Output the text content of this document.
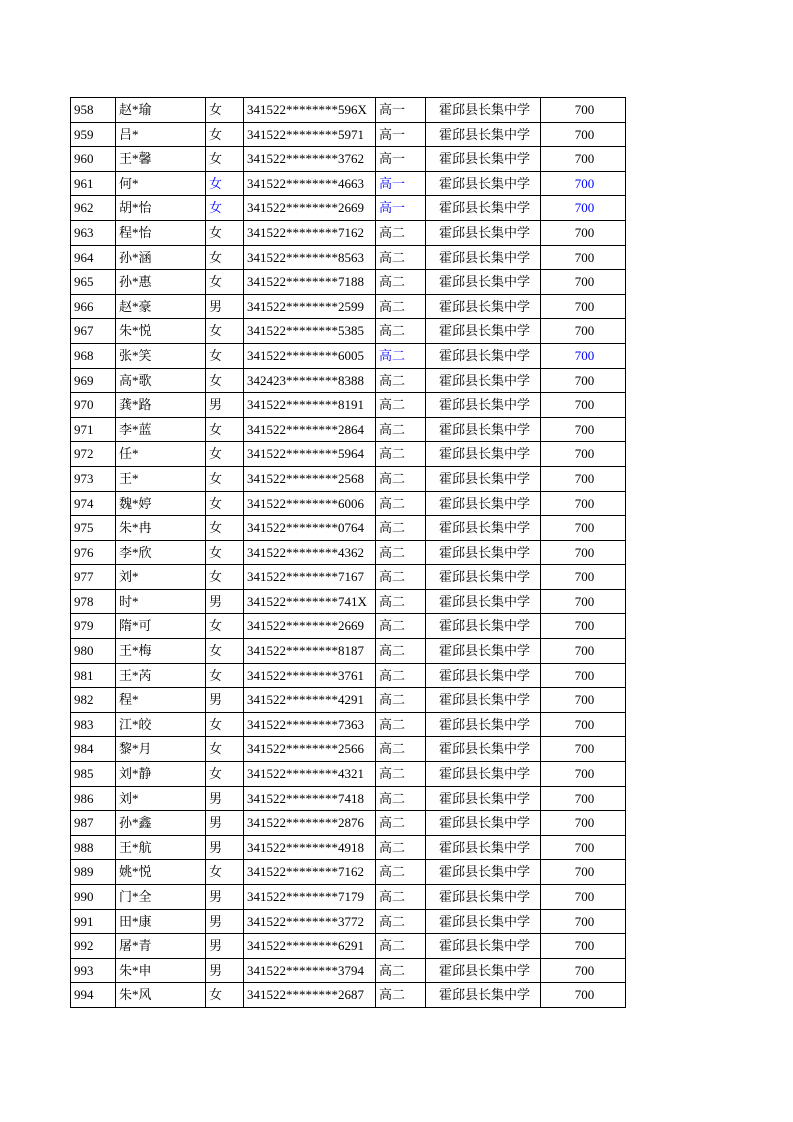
958	赵*瑜	女	341522********596X	高一	霍邱县长集中学	700
959	吕*	女	341522********5971	高一	霍邱县长集中学	700
960	王*馨	女	341522********3762	高一	霍邱县长集中学	700
961	何*	女	341522********4663	高一	霍邱县长集中学	700
962	胡*怡	女	341522********2669	高一	霍邱县长集中学	700
963	程*怡	女	341522********7162	高二	霍邱县长集中学	700
964	孙*涵	女	341522********8563	高二	霍邱县长集中学	700
965	孙*惠	女	341522********7188	高二	霍邱县长集中学	700
966	赵*豪	男	341522********2599	高二	霍邱县长集中学	700
967	朱*悦	女	341522********5385	高二	霍邱县长集中学	700
968	张*笑	女	341522********6005	高二	霍邱县长集中学	700
969	高*歌	女	342423********8388	高二	霍邱县长集中学	700
970	龚*路	男	341522********8191	高二	霍邱县长集中学	700
971	李*蓝	女	341522********2864	高二	霍邱县长集中学	700
972	任*	女	341522********5964	高二	霍邱县长集中学	700
973	王*	女	341522********2568	高二	霍邱县长集中学	700
974	魏*婷	女	341522********6006	高二	霍邱县长集中学	700
975	朱*冉	女	341522********0764	高二	霍邱县长集中学	700
976	李*欣	女	341522********4362	高二	霍邱县长集中学	700
977	刘*	女	341522********7167	高二	霍邱县长集中学	700
978	时*	男	341522********741X	高二	霍邱县长集中学	700
979	隋*可	女	341522********2669	高二	霍邱县长集中学	700
980	王*梅	女	341522********8187	高二	霍邱县长集中学	700
981	王*芮	女	341522********3761	高二	霍邱县长集中学	700
982	程*	男	341522********4291	高二	霍邱县长集中学	700
983	江*皎	女	341522********7363	高二	霍邱县长集中学	700
984	黎*月	女	341522********2566	高二	霍邱县长集中学	700
985	刘*静	女	341522********4321	高二	霍邱县长集中学	700
986	刘*	男	341522********7418	高二	霍邱县长集中学	700
987	孙*鑫	男	341522********2876	高二	霍邱县长集中学	700
988	王*航	男	341522********4918	高二	霍邱县长集中学	700
989	姚*悦	女	341522********7162	高二	霍邱县长集中学	700
990	门*全	男	341522********7179	高二	霍邱县长集中学	700
991	田*康	男	341522********3772	高二	霍邱县长集中学	700
992	屠*青	男	341522********6291	高二	霍邱县长集中学	700
993	朱*申	男	341522********3794	高二	霍邱县长集中学	700
994	朱*风	女	341522********2687	高二	霍邱县长集中学	700
